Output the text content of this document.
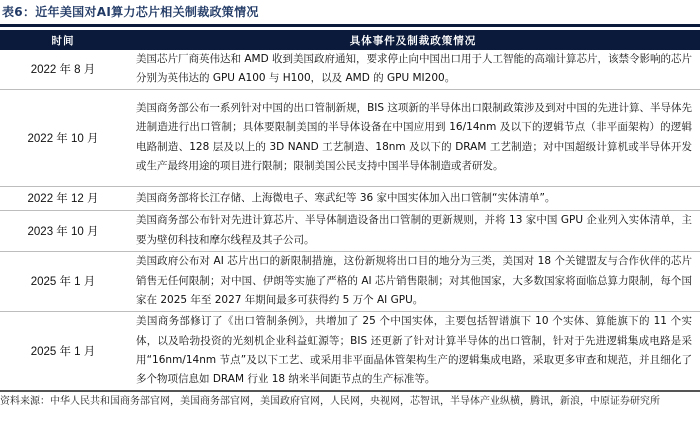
表6：近年美国对AI算力芯片相关制裁政策情况
时间	具体事件及制裁政策情况
2022 年 8 月	美国芯片厂商英伟达和 AMD 收到美国政府通知，要求停止向中国出口用于人工智能的高端计算芯片，该禁令影响的芯片分别为英伟达的 GPU A100 与 H100，以及 AMD 的 GPU MI200。
2022 年 10 月	美国商务部公布一系列针对中国的出口管制新规，BIS 这项新的半导体出口限制政策涉及到对中国的先进计算、半导体先进制造进行出口管制；具体要限制美国的半导体设备在中国应用到 16/14nm 及以下的逻辑节点（非平面架构）的逻辑电路制造、128 层及以上的 3D NAND 工艺制造、18nm 及以下的 DRAM 工艺制造；对中国超级计算机或半导体开发或生产最终用途的项目进行限制；限制美国公民支持中国半导体制造或者研发。
2022 年 12 月	美国商务部将长江存储、上海微电子、寒武纪等 36 家中国实体加入出口管制“实体清单”。
2023 年 10 月	美国商务部公布针对先进计算芯片、半导体制造设备出口管制的更新规则，并将 13 家中国 GPU 企业列入实体清单，主要为壁仞科技和摩尔线程及其子公司。
2025 年 1 月	美国政府公布对 AI 芯片出口的新限制措施，这份新规将出口目的地分为三类，美国对 18 个关键盟友与合作伙伴的芯片销售无任何限制；对中国、伊朗等实施了严格的 AI 芯片销售限制；对其他国家，大多数国家将面临总算力限制，每个国家在 2025 年至 2027 年期间最多可获得约 5 万个 AI GPU。
2025 年 1 月	美国商务部修订了《出口管制条例》，共增加了 25 个中国实体，主要包括智谱旗下 10 个实体、算能旗下的 11 个实体，以及哈勃投资的光刻机企业科益虹源等；BIS 还更新了针对计算半导体的出口管制，针对于先进逻辑集成电路是采用“16nm/14nm 节点”及以下工艺、或采用非平面晶体管架构生产的逻辑集成电路，采取更多审查和规范，并且细化了多个物项信息如 DRAM 行业 18 纳米半间距节点的生产标准等。
资料来源：中华人民共和国商务部官网，美国商务部官网，美国政府官网，人民网，央视网，芯智讯，半导体产业纵横，腾讯，新浪，中原证券研究所
